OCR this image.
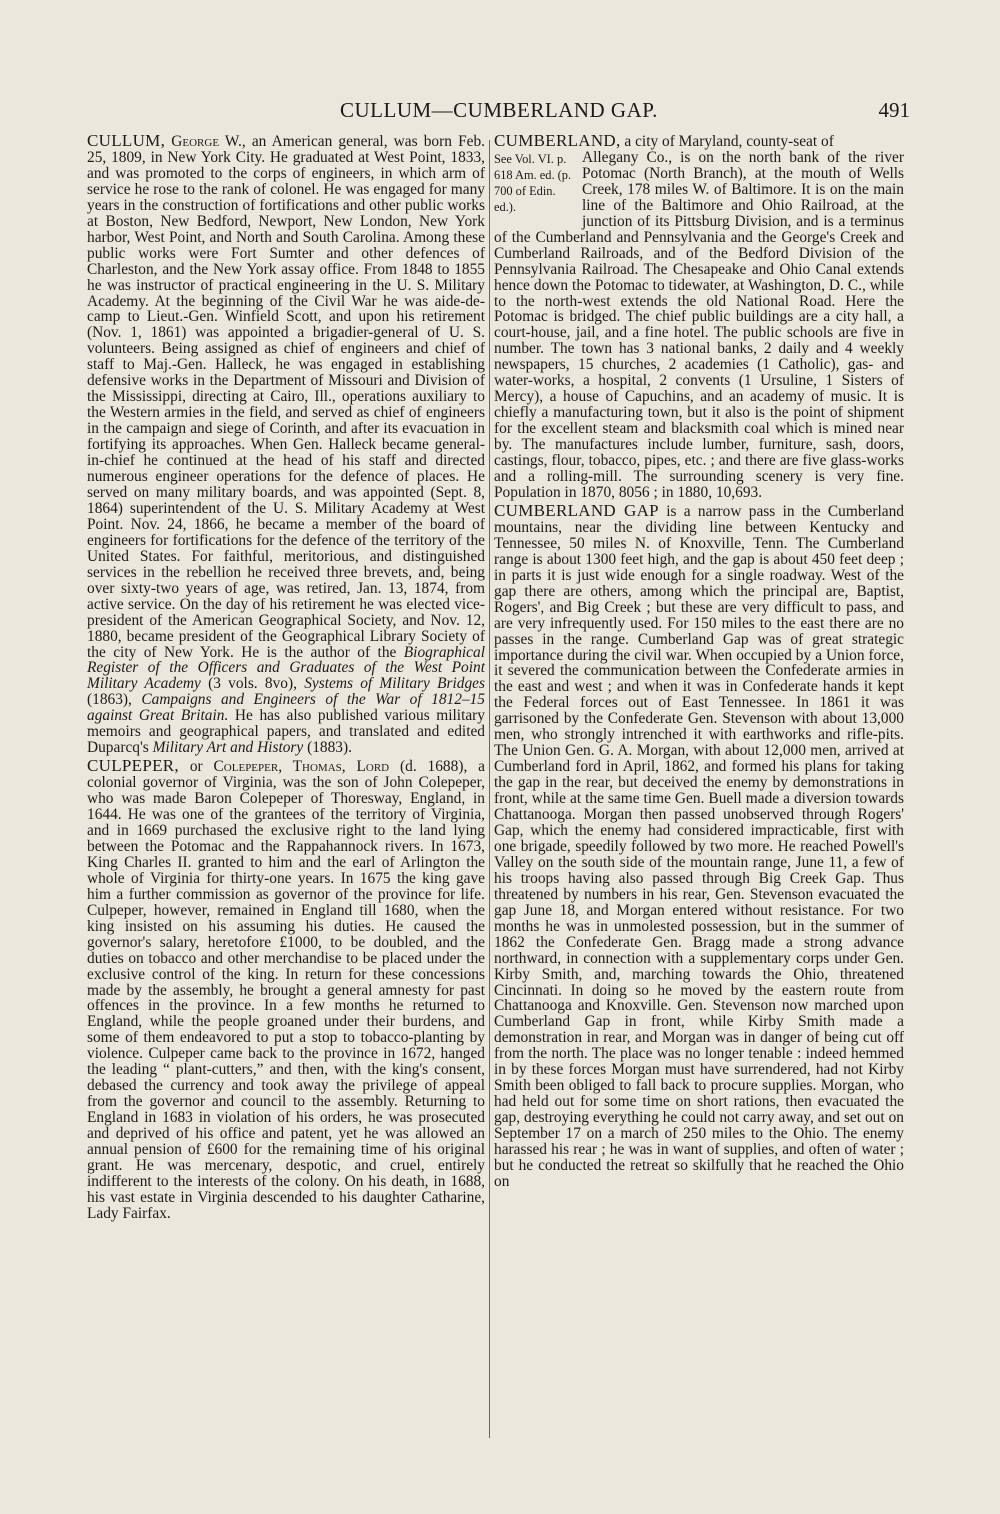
CULLUM—CUMBERLAND GAP.	491

CULLUM, George W., an American general, was born Feb. 25, 1809, in New York City. He graduated at West Point, 1833, and was promoted to the corps of engineers, in which arm of service he rose to the rank of colonel. He was engaged for many years in the construction of fortifications and other public works at Boston, New Bedford, Newport, New London, New York harbor, West Point, and North and South Carolina. Among these public works were Fort Sumter and other defences of Charleston, and the New York assay office. From 1848 to 1855 he was instructor of practical engineering in the U. S. Military Academy. At the beginning of the Civil War he was aide-de-camp to Lieut.-Gen. Winfield Scott, and upon his retirement (Nov. 1, 1861) was appointed a brigadier-general of U. S. volunteers. Being assigned as chief of engineers and chief of staff to Maj.-Gen. Halleck, he was engaged in establishing defensive works in the Department of Missouri and Division of the Mississippi, directing at Cairo, Ill., operations auxiliary to the Western armies in the field, and served as chief of engineers in the campaign and siege of Corinth, and after its evacuation in fortifying its approaches. When Gen. Halleck became general-in-chief he continued at the head of his staff and directed numerous engineer operations for the defence of places. He served on many military boards, and was appointed (Sept. 8, 1864) superintendent of the U. S. Military Academy at West Point. Nov. 24, 1866, he became a member of the board of engineers for fortifications for the defence of the territory of the United States. For faithful, meritorious, and distinguished services in the rebellion he received three brevets, and, being over sixty-two years of age, was retired, Jan. 13, 1874, from active service. On the day of his retirement he was elected vice-president of the American Geographical Society, and Nov. 12, 1880, became president of the Geographical Library Society of the city of New York. He is the author of the Biographical Register of the Officers and Graduates of the West Point Military Academy (3 vols. 8vo), Systems of Military Bridges (1863), Campaigns and Engineers of the War of 1812–15 against Great Britain. He has also published various military memoirs and geographical papers, and translated and edited Duparcq's Military Art and History (1883).

CULPEPER, or Colepeper, Thomas, Lord (d. 1688), a colonial governor of Virginia, was the son of John Colepeper, who was made Baron Colepeper of Thoresway, England, in 1644. He was one of the grantees of the territory of Virginia, and in 1669 purchased the exclusive right to the land lying between the Potomac and the Rappahannock rivers. In 1673, King Charles II. granted to him and the earl of Arlington the whole of Virginia for thirty-one years. In 1675 the king gave him a further commission as governor of the province for life. Culpeper, however, remained in England till 1680, when the king insisted on his assuming his duties. He caused the governor's salary, heretofore £1000, to be doubled, and the duties on tobacco and other merchandise to be placed under the exclusive control of the king. In return for these concessions made by the assembly, he brought a general amnesty for past offences in the province. In a few months he returned to England, while the people groaned under their burdens, and some of them endeavored to put a stop to tobacco-planting by violence. Culpeper came back to the province in 1672, hanged the leading “ plant-cutters,” and then, with the king's consent, debased the currency and took away the privilege of appeal from the governor and council to the assembly. Returning to England in 1683 in violation of his orders, he was prosecuted and deprived of his office and patent, yet he was allowed an annual pension of £600 for the remaining time of his original grant. He was mercenary, despotic, and cruel, entirely indifferent to the interests of the colony. On his death, in 1688, his vast estate in Virginia descended to his daughter Catharine, Lady Fairfax.

CUMBERLAND, a city of Maryland, county-seat of

See Vol. VI. p. 618 Am. ed. (p. 700 of Edin. ed.).
Allegany Co., is on the north bank of the river Potomac (North Branch), at the mouth of Wells Creek, 178 miles W. of Baltimore. It is on the main line of the Baltimore and Ohio Railroad, at the junction of its Pittsburg Division, and is a terminus of the Cumberland and Pennsylvania and the George's Creek and Cumberland Railroads, and of the Bedford Division of the Pennsylvania Railroad. The Chesapeake and Ohio Canal extends hence down the Potomac to tidewater, at Washington, D. C., while to the north-west extends the old National Road. Here the Potomac is bridged. The chief public buildings are a city hall, a court-house, jail, and a fine hotel. The public schools are five in number. The town has 3 national banks, 2 daily and 4 weekly newspapers, 15 churches, 2 academies (1 Catholic), gas- and water-works, a hospital, 2 convents (1 Ursuline, 1 Sisters of Mercy), a house of Capuchins, and an academy of music. It is chiefly a manufacturing town, but it also is the point of shipment for the excellent steam and blacksmith coal which is mined near by. The manufactures include lumber, furniture, sash, doors, castings, flour, tobacco, pipes, etc. ; and there are five glass-works and a rolling-mill. The surrounding scenery is very fine. Population in 1870, 8056 ; in 1880, 10,693.

CUMBERLAND GAP is a narrow pass in the Cumberland mountains, near the dividing line between Kentucky and Tennessee, 50 miles N. of Knoxville, Tenn. The Cumberland range is about 1300 feet high, and the gap is about 450 feet deep ; in parts it is just wide enough for a single roadway. West of the gap there are others, among which the principal are, Baptist, Rogers', and Big Creek ; but these are very difficult to pass, and are very infrequently used. For 150 miles to the east there are no passes in the range. Cumberland Gap was of great strategic importance during the civil war. When occupied by a Union force, it severed the communication between the Confederate armies in the east and west ; and when it was in Confederate hands it kept the Federal forces out of East Tennessee. In 1861 it was garrisoned by the Confederate Gen. Stevenson with about 13,000 men, who strongly intrenched it with earthworks and rifle-pits. The Union Gen. G. A. Morgan, with about 12,000 men, arrived at Cumberland ford in April, 1862, and formed his plans for taking the gap in the rear, but deceived the enemy by demonstrations in front, while at the same time Gen. Buell made a diversion towards Chattanooga. Morgan then passed unobserved through Rogers' Gap, which the enemy had considered impracticable, first with one brigade, speedily followed by two more. He reached Powell's Valley on the south side of the mountain range, June 11, a few of his troops having also passed through Big Creek Gap. Thus threatened by numbers in his rear, Gen. Stevenson evacuated the gap June 18, and Morgan entered without resistance. For two months he was in unmolested possession, but in the summer of 1862 the Confederate Gen. Bragg made a strong advance northward, in connection with a supplementary corps under Gen. Kirby Smith, and, marching towards the Ohio, threatened Cincinnati. In doing so he moved by the eastern route from Chattanooga and Knoxville. Gen. Stevenson now marched upon Cumberland Gap in front, while Kirby Smith made a demonstration in rear, and Morgan was in danger of being cut off from the north. The place was no longer tenable : indeed hemmed in by these forces Morgan must have surrendered, had not Kirby Smith been obliged to fall back to procure supplies. Morgan, who had held out for some time on short rations, then evacuated the gap, destroying everything he could not carry away, and set out on September 17 on a march of 250 miles to the Ohio. The enemy harassed his rear ; he was in want of supplies, and often of water ; but he conducted the retreat so skilfully that he reached the Ohio on
